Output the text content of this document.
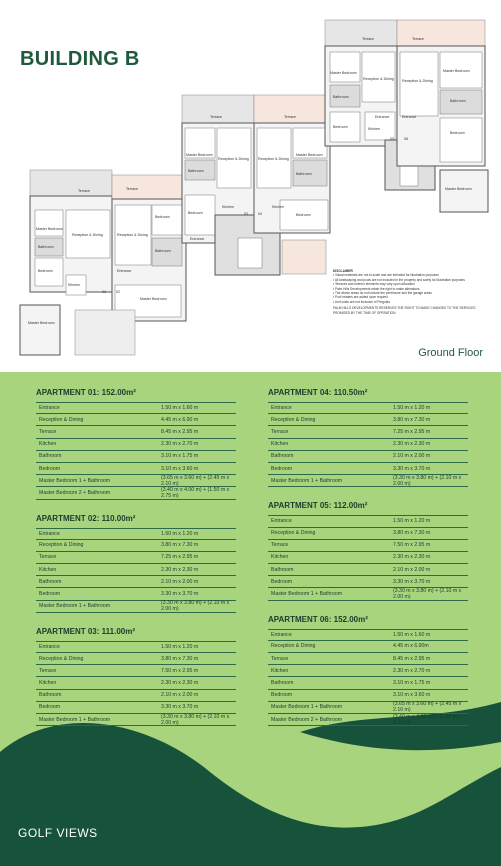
BUILDING B
Terrace
Master Bedroom
Reception & Dining
Bathroom
Bedroom
Master Bedroom
Kitchen
Terrace
Reception & Dining
Bedroom
Bathroom
Entrance
Master Bedroom
Terrace
Master Bedroom
Reception & Dining
Bathroom
Bedroom
Kitchen
Entrance
Terrace
Reception & Dining
Master Bedroom
Bathroom
Kitchen
Bedroom
Terrace
Master Bedroom
Reception & Dining
Bathroom
Bedroom	Kitchen
Entrance
Terrace
Reception & Dining
Master Bedroom
Bathroom
Bedroom
Master Bedroom
Entrance
01	02
03	04
05	06
DISCLAIMER
• Visual materials are not to scale and are intended for illustration purposes
• All landscaping and pools are not included in the property and solely for illustration purposes
• Terraces and exterior elements may vary upon allocation
• Palm Hills Developments retain the right to make alterations
• The above areas do not include the penthouse and the garage areas
• Pool heaters are added upon request
• Unit costs are not inclusive of Pergolas
PALM HILLS DEVELOPMENTS RESERVES THE RIGHT TO MAKE CHANGES TO THE SERVICES PROMISED BY THE TIME OF OPERATION.
Ground Floor
APARTMENT 01: 152.00m²
Entrance	1.50 m x 1.60 m
Reception & Dining	4.45 m x 6.90 m
Terrace	8.45 m x 2.95 m
Kitchen	2.30 m x 2.70 m
Bathroom	3.10 m x 1.75 m
Bedroom	3.10 m x 3.60 m
Master Bedroom 1 + Bathroom	(3.65 m x 3.60 m) + (2.45 m x 2.10 m)
Master Bedroom 2 + Bathroom	(3.40 m x 4.00 m) + (1.50 m x 2.75 m)
APARTMENT 02: 110.00m²
Entrance	1.50 m x 1.20 m
Reception & Dining	3.80 m x 7.30 m
Terrace	7.25 m x 2.95 m
Kitchen	2.30 m x 2.30 m
Bathroom	2.10 m x 2.00 m
Bedroom	3.30 m x 3.70 m
Master Bedroom 1 + Bathroom	(3.30 m x 3.80 m) + (2.10 m x 2.00 m)
APARTMENT 03: 111.00m²
Entrance	1.50 m x 1.20 m
Reception & Dining	3.80 m x 7.30 m
Terrace	7.50 m x 2.95 m
Kitchen	2.30 m x 2.30 m
Bathroom	2.10 m x 2.00 m
Bedroom	3.30 m x 3.70 m
Master Bedroom 1 + Bathroom	(3.30 m x 3.80 m) + (2.10 m x 2.00 m)
APARTMENT 04: 110.50m²
Entrance	1.50 m x 1.20 m
Reception & Dining	3.80 m x 7.30 m
Terrace	7.25 m x 2.95 m
Kitchen	2.30 m x 2.30 m
Bathroom	2.10 m x 2.00 m
Bedroom	3.30 m x 3.70 m
Master Bedroom 1 + Bathroom	(3.30 m x 3.80 m) + (2.10 m x 2.00 m)
APARTMENT 05: 112.00m²
Entrance	1.50 m x 1.20 m
Reception & Dining	3.80 m x 7.30 m
Terrace	7.50 m x 2.95 m
Kitchen	2.30 m x 2.30 m
Bathroom	2.10 m x 2.00 m
Bedroom	3.30 m x 3.70 m
Master Bedroom 1 + Bathroom	(3.30 m x 3.80 m) + (2.10 m x 2.00 m)
APARTMENT 06: 152.00m²
Entrance	1.50 m x 1.60 m
Reception & Dining	4.45 m x 6.90m
Terrace	8.45 m x 2.95 m
Kitchen	2.30 m x 2.70 m
Bathroom	3.10 m x 1.75 m
Bedroom	3.10 m x 3.60 m
Master Bedroom 1 + Bathroom	(3.65 m x 3.60 m) + (2.45 m x 2.10 m)
Master Bedroom 2 + Bathroom	(3.40 m x 4.00 m) + (1.50 m x 2.75 m)
GOLF VIEWS
